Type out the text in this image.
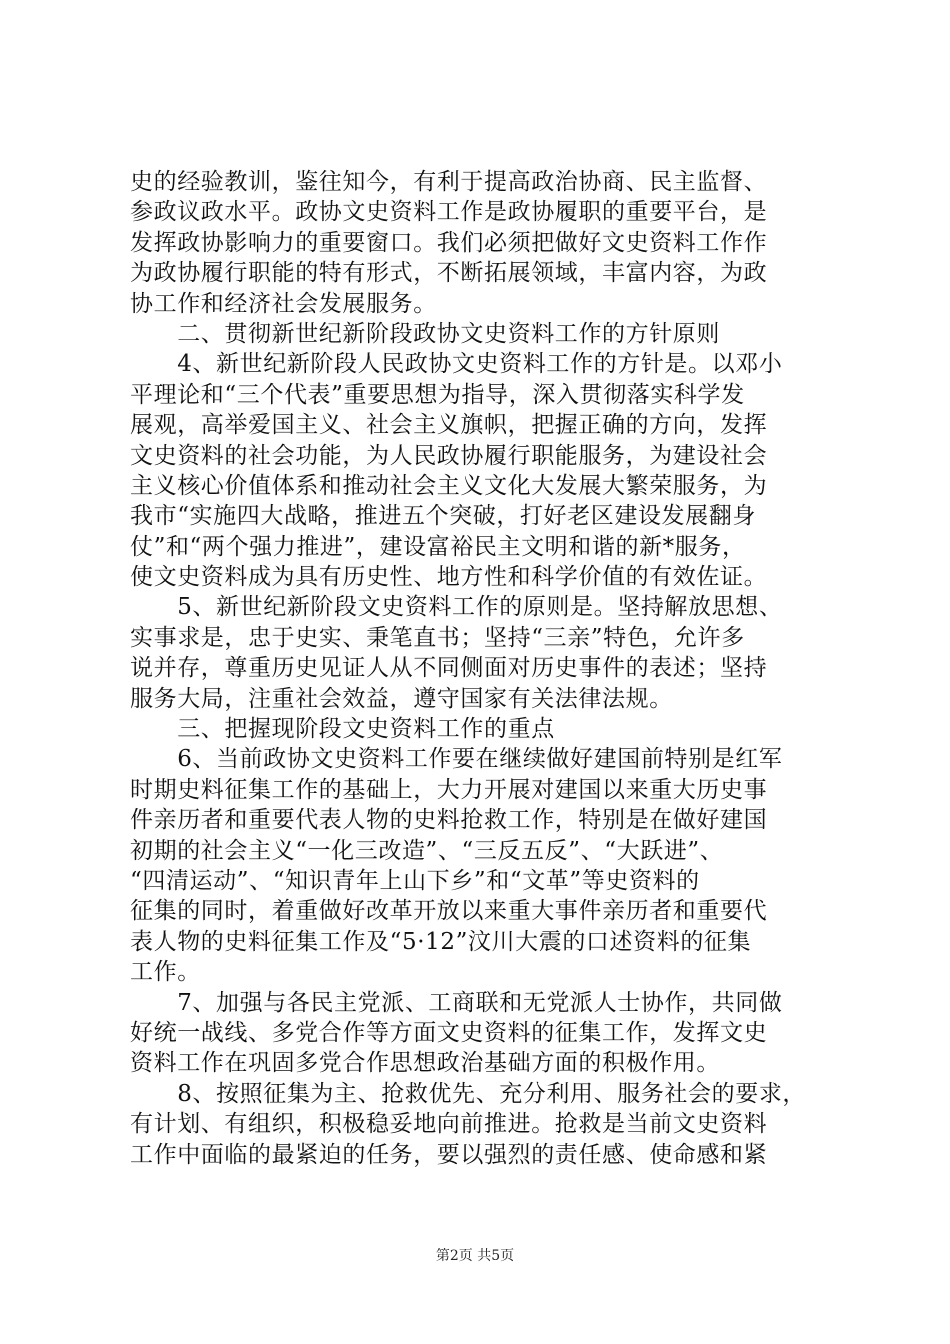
史的经验教训，鉴往知今，有利于提高政治协商、民主监督、
参政议政水平。政协文史资料工作是政协履职的重要平台，是
发挥政协影响力的重要窗口。我们必须把做好文史资料工作作
为政协履行职能的特有形式，不断拓展领域，丰富内容，为政
协工作和经济社会发展服务。
　　二、贯彻新世纪新阶段政协文史资料工作的方针原则
　　4、新世纪新阶段人民政协文史资料工作的方针是。以邓小
平理论和“三个代表”重要思想为指导，深入贯彻落实科学发
展观，高举爱国主义、社会主义旗帜，把握正确的方向，发挥
文史资料的社会功能，为人民政协履行职能服务，为建设社会
主义核心价值体系和推动社会主义文化大发展大繁荣服务，为
我市“实施四大战略，推进五个突破，打好老区建设发展翻身
仗”和“两个强力推进”，建设富裕民主文明和谐的新*服务，
使文史资料成为具有历史性、地方性和科学价值的有效佐证。
　　5、新世纪新阶段文史资料工作的原则是。坚持解放思想、
实事求是，忠于史实、秉笔直书；坚持“三亲”特色，允许多
说并存，尊重历史见证人从不同侧面对历史事件的表述；坚持
服务大局，注重社会效益，遵守国家有关法律法规。
　　三、把握现阶段文史资料工作的重点
　　6、当前政协文史资料工作要在继续做好建国前特别是红军
时期史料征集工作的基础上，大力开展对建国以来重大历史事
件亲历者和重要代表人物的史料抢救工作，特别是在做好建国
初期的社会主义“一化三改造”、“三反五反”、“大跃进”、
“四清运动”、“知识青年上山下乡”和“文革”等史资料的
征集的同时，着重做好改革开放以来重大事件亲历者和重要代
表人物的史料征集工作及“5·12”汶川大震的口述资料的征集
工作。
　　7、加强与各民主党派、工商联和无党派人士协作，共同做
好统一战线、多党合作等方面文史资料的征集工作，发挥文史
资料工作在巩固多党合作思想政治基础方面的积极作用。
　　8、按照征集为主、抢救优先、充分利用、服务社会的要求，
有计划、有组织，积极稳妥地向前推进。抢救是当前文史资料
工作中面临的最紧迫的任务，要以强烈的责任感、使命感和紧
第2页 共5页
